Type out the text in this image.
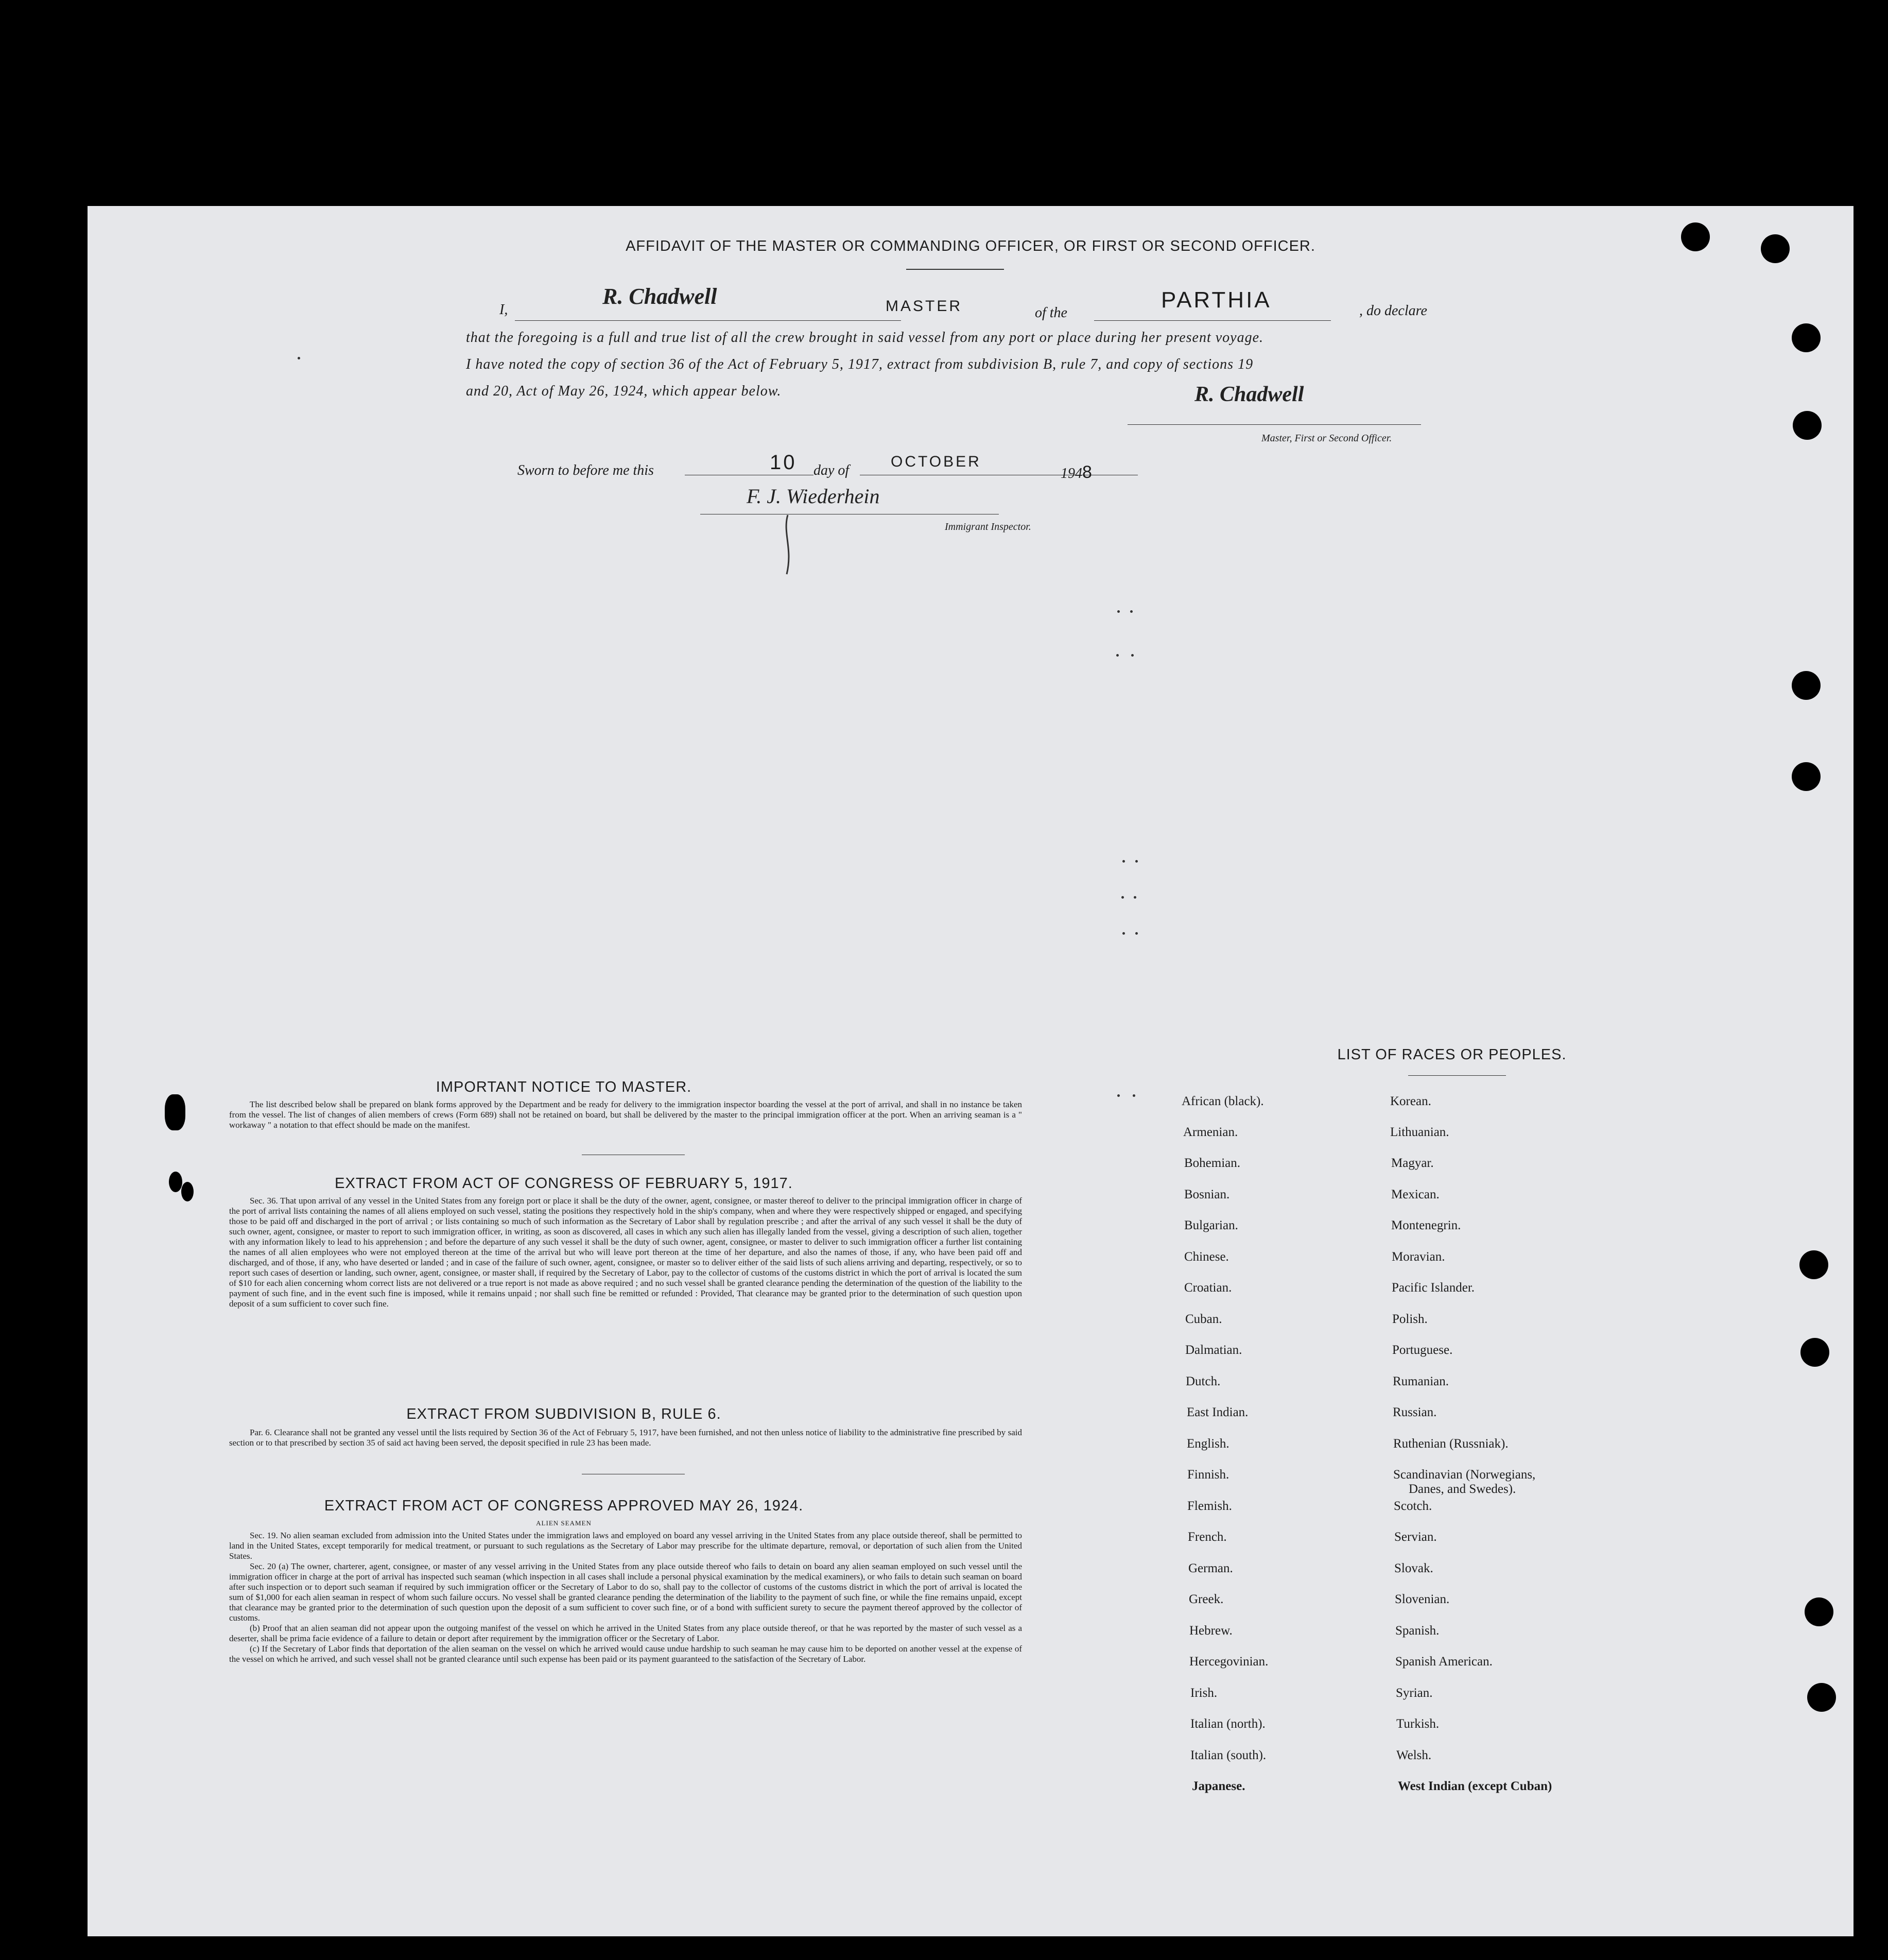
AFFIDAVIT OF THE MASTER OR COMMANDING OFFICER, OR FIRST OR SECOND OFFICER.
I,
R. Chadwell	MASTER	of the
PARTHIA	, do declare
that the foregoing is a full and true list of all the crew brought in said vessel from any port or place during her present voyage.
I have noted the copy of section 36 of the Act of February 5, 1917, extract from subdivision B, rule 7, and copy of sections 19
and 20, Act of May 26, 1924, which appear below.	R. Chadwell
Master, First or Second Officer.
Sworn to before me this	10 day of
OCTOBER
1948
F. J. Wiederhein
Immigrant Inspector.
IMPORTANT NOTICE TO MASTER.

The list described below shall be prepared on blank forms approved by the Department and be ready for delivery to the immigration inspector boarding the vessel at the port of arrival, and shall in no instance be taken from the vessel. The list of changes of alien members of crews (Form 689) shall not be retained on board, but shall be delivered by the master to the principal immigration officer at the port. When an arriving seaman is a " workaway " a notation to that effect should be made on the manifest.

EXTRACT FROM ACT OF CONGRESS OF FEBRUARY 5, 1917.

Sec. 36. That upon arrival of any vessel in the United States from any foreign port or place it shall be the duty of the owner, agent, consignee, or master thereof to deliver to the principal immigration officer in charge of the port of arrival lists containing the names of all aliens employed on such vessel, stating the positions they respectively hold in the ship's company, when and where they were respectively shipped or engaged, and specifying those to be paid off and discharged in the port of arrival ; or lists containing so much of such information as the Secretary of Labor shall by regulation prescribe ; and after the arrival of any such vessel it shall be the duty of such owner, agent, consignee, or master to report to such immigration officer, in writing, as soon as discovered, all cases in which any such alien has illegally landed from the vessel, giving a description of such alien, together with any information likely to lead to his apprehension ; and before the departure of any such vessel it shall be the duty of such owner, agent, consignee, or master to deliver to such immigration officer a further list containing the names of all alien employees who were not employed thereon at the time of the arrival but who will leave port thereon at the time of her departure, and also the names of those, if any, who have been paid off and discharged, and of those, if any, who have deserted or landed ; and in case of the failure of such owner, agent, consignee, or master so to deliver either of the said lists of such aliens arriving and departing, respectively, or so to report such cases of desertion or landing, such owner, agent, consignee, or master shall, if required by the Secretary of Labor, pay to the collector of customs of the customs district in which the port of arrival is located the sum of $10 for each alien concerning whom correct lists are not delivered or a true report is not made as above required ; and no such vessel shall be granted clearance pending the determination of the question of the liability to the payment of such fine, and in the event such fine is imposed, while it remains unpaid ; nor shall such fine be remitted or refunded : Provided, That clearance may be granted prior to the determination of such question upon deposit of a sum sufficient to cover such fine.

EXTRACT FROM SUBDIVISION B, RULE 6.

Par. 6. Clearance shall not be granted any vessel until the lists required by Section 36 of the Act of February 5, 1917, have been furnished, and not then unless notice of liability to the administrative fine prescribed by said section or to that prescribed by section 35 of said act having been served, the deposit specified in rule 23 has been made.

EXTRACT FROM ACT OF CONGRESS APPROVED MAY 26, 1924.
ALIEN SEAMEN

Sec. 19. No alien seaman excluded from admission into the United States under the immigration laws and employed on board any vessel arriving in the United States from any place outside thereof, shall be permitted to land in the United States, except temporarily for medical treatment, or pursuant to such regulations as the Secretary of Labor may prescribe for the ultimate departure, removal, or deportation of such alien from the United States.

Sec. 20 (a) The owner, charterer, agent, consignee, or master of any vessel arriving in the United States from any place outside thereof who fails to detain on board any alien seaman employed on such vessel until the immigration officer in charge at the port of arrival has inspected such seaman (which inspection in all cases shall include a personal physical examination by the medical examiners), or who fails to detain such seaman on board after such inspection or to deport such seaman if required by such immigration officer or the Secretary of Labor to do so, shall pay to the collector of customs of the customs district in which the port of arrival is located the sum of $1,000 for each alien seaman in respect of whom such failure occurs. No vessel shall be granted clearance pending the determination of the liability to the payment of such fine, or while the fine remains unpaid, except that clearance may be granted prior to the determination of such question upon the deposit of a sum sufficient to cover such fine, or of a bond with sufficient surety to secure the payment thereof approved by the collector of customs.

(b) Proof that an alien seaman did not appear upon the outgoing manifest of the vessel on which he arrived in the United States from any place outside thereof, or that he was reported by the master of such vessel as a deserter, shall be prima facie evidence of a failure to detain or deport after requirement by the immigration officer or the Secretary of Labor.

(c) If the Secretary of Labor finds that deportation of the alien seaman on the vessel on which he arrived would cause undue hardship to such seaman he may cause him to be deported on another vessel at the expense of the vessel on which he arrived, and such vessel shall not be granted clearance until such expense has been paid or its payment guaranteed to the satisfaction of the Secretary of Labor.

LIST OF RACES OR PEOPLES.
African (black).
Armenian.
Bohemian.
Bosnian.
Bulgarian.
Chinese.
Croatian.
Cuban.
Dalmatian.
Dutch.
East Indian.
English.
Finnish.
Flemish.
French.
German.
Greek.
Hebrew.
Hercegovinian.
Irish.
Italian (north).
Italian (south).
Japanese.
Korean.
Lithuanian.
Magyar.
Mexican.
Montenegrin.
Moravian.
Pacific Islander.
Polish.
Portuguese.
Rumanian.
Russian.
Ruthenian (Russniak).
Scandinavian (Norwegians,
Danes, and Swedes).
Scotch.
Servian.
Slovak.
Slovenian.
Spanish.
Spanish American.
Syrian.
Turkish.
Welsh.
West Indian (except Cuban)
